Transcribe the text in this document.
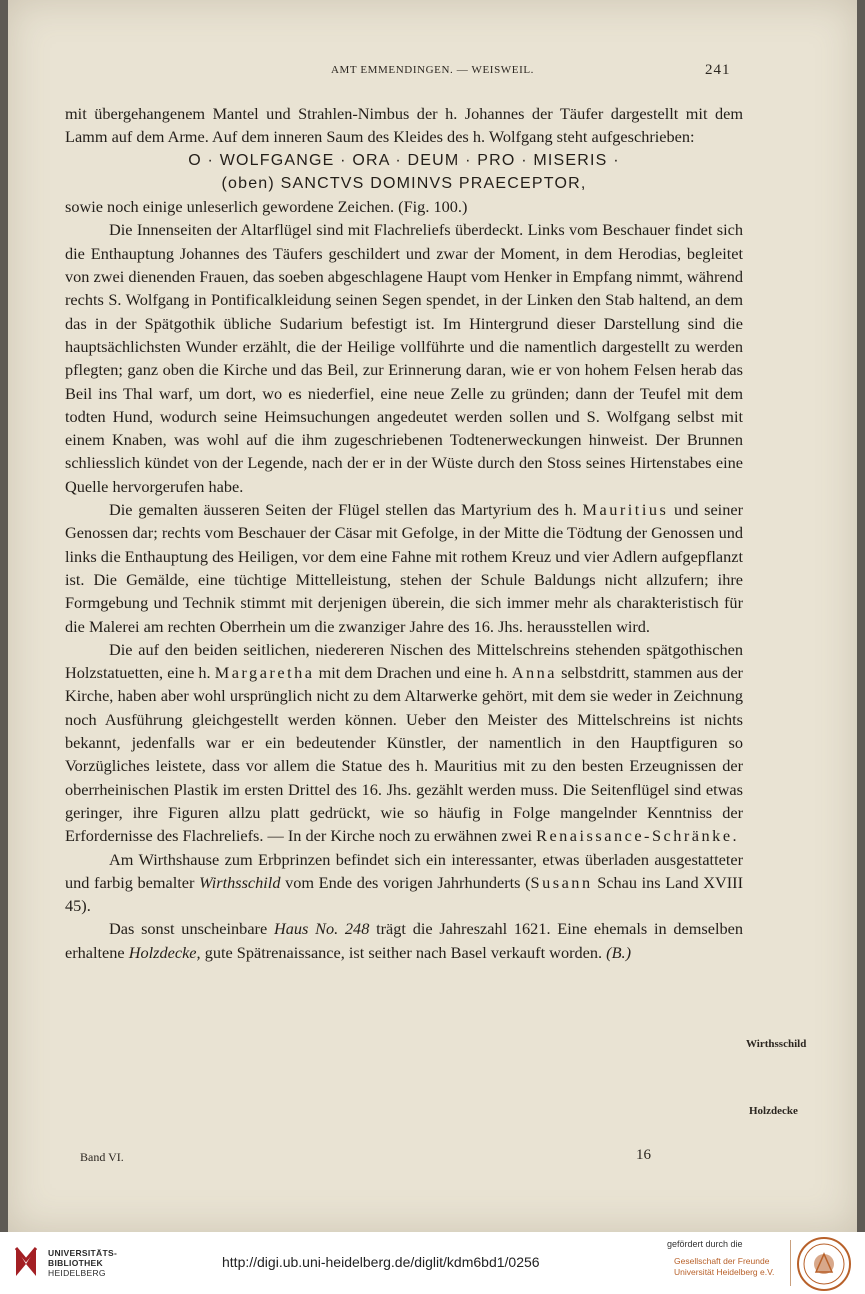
AMT EMMENDINGEN. — WEISWEIL.	241

mit übergehangenem Mantel und Strahlen-Nimbus der h. Johannes der Täufer dargestellt mit dem Lamm auf dem Arme. Auf dem inneren Saum des Kleides des h. Wolfgang steht aufgeschrieben:

O · WOLFGANGE · ORA · DEUM · PRO · MISERIS ·

(oben) SANCTVS DOMINVS PRAECEPTOR,

sowie noch einige unleserlich gewordene Zeichen. (Fig. 100.)

Die Innenseiten der Altarflügel sind mit Flachreliefs überdeckt. Links vom Beschauer findet sich die Enthauptung Johannes des Täufers geschildert und zwar der Moment, in dem Herodias, begleitet von zwei dienenden Frauen, das soeben abgeschlagene Haupt vom Henker in Empfang nimmt, während rechts S. Wolfgang in Pontificalkleidung seinen Segen spendet, in der Linken den Stab haltend, an dem das in der Spätgothik übliche Sudarium befestigt ist. Im Hintergrund dieser Darstellung sind die hauptsächlichsten Wunder erzählt, die der Heilige vollführte und die namentlich dargestellt zu werden pflegten; ganz oben die Kirche und das Beil, zur Erinnerung daran, wie er von hohem Felsen herab das Beil ins Thal warf, um dort, wo es niederfiel, eine neue Zelle zu gründen; dann der Teufel mit dem todten Hund, wodurch seine Heimsuchungen angedeutet werden sollen und S. Wolfgang selbst mit einem Knaben, was wohl auf die ihm zugeschriebenen Todtenerweckungen hinweist. Der Brunnen schliesslich kündet von der Legende, nach der er in der Wüste durch den Stoss seines Hirtenstabes eine Quelle hervorgerufen habe.

Die gemalten äusseren Seiten der Flügel stellen das Martyrium des h. Mauritius und seiner Genossen dar; rechts vom Beschauer der Cäsar mit Gefolge, in der Mitte die Tödtung der Genossen und links die Enthauptung des Heiligen, vor dem eine Fahne mit rothem Kreuz und vier Adlern aufgepflanzt ist. Die Gemälde, eine tüchtige Mittelleistung, stehen der Schule Baldungs nicht allzufern; ihre Formgebung und Technik stimmt mit derjenigen überein, die sich immer mehr als charakteristisch für die Malerei am rechten Oberrhein um die zwanziger Jahre des 16. Jhs. herausstellen wird.

Die auf den beiden seitlichen, niedereren Nischen des Mittelschreins stehenden spätgothischen Holzstatuetten, eine h. Margaretha mit dem Drachen und eine h. Anna selbstdritt, stammen aus der Kirche, haben aber wohl ursprünglich nicht zu dem Altarwerke gehört, mit dem sie weder in Zeichnung noch Ausführung gleichgestellt werden können. Ueber den Meister des Mittelschreins ist nichts bekannt, jedenfalls war er ein bedeutender Künstler, der namentlich in den Hauptfiguren so Vorzügliches leistete, dass vor allem die Statue des h. Mauritius mit zu den besten Erzeugnissen der oberrheinischen Plastik im ersten Drittel des 16. Jhs. gezählt werden muss. Die Seitenflügel sind etwas geringer, ihre Figuren allzu platt gedrückt, wie so häufig in Folge mangelnder Kenntniss der Erfordernisse des Flachreliefs. — In der Kirche noch zu erwähnen zwei Renaissance-Schränke.

Am Wirthshause zum Erbprinzen befindet sich ein interessanter, etwas überladen ausgestatteter und farbig bemalter Wirthsschild vom Ende des vorigen Jahrhunderts (Susann Schau ins Land XVIII 45).

Das sonst unscheinbare Haus No. 248 trägt die Jahreszahl 1621. Eine ehemals in demselben erhaltene Holzdecke, gute Spätrenaissance, ist seither nach Basel verkauft worden. (B.)

Wirthsschild
Holzdecke
Band VI.	16
UNIVERSITÄTS-
BIBLIOTHEK
HEIDELBERG
http://digi.ub.uni-heidelberg.de/diglit/kdm6bd1/0256
gefördert durch die
Gesellschaft der Freunde
Universität Heidelberg e.V.
